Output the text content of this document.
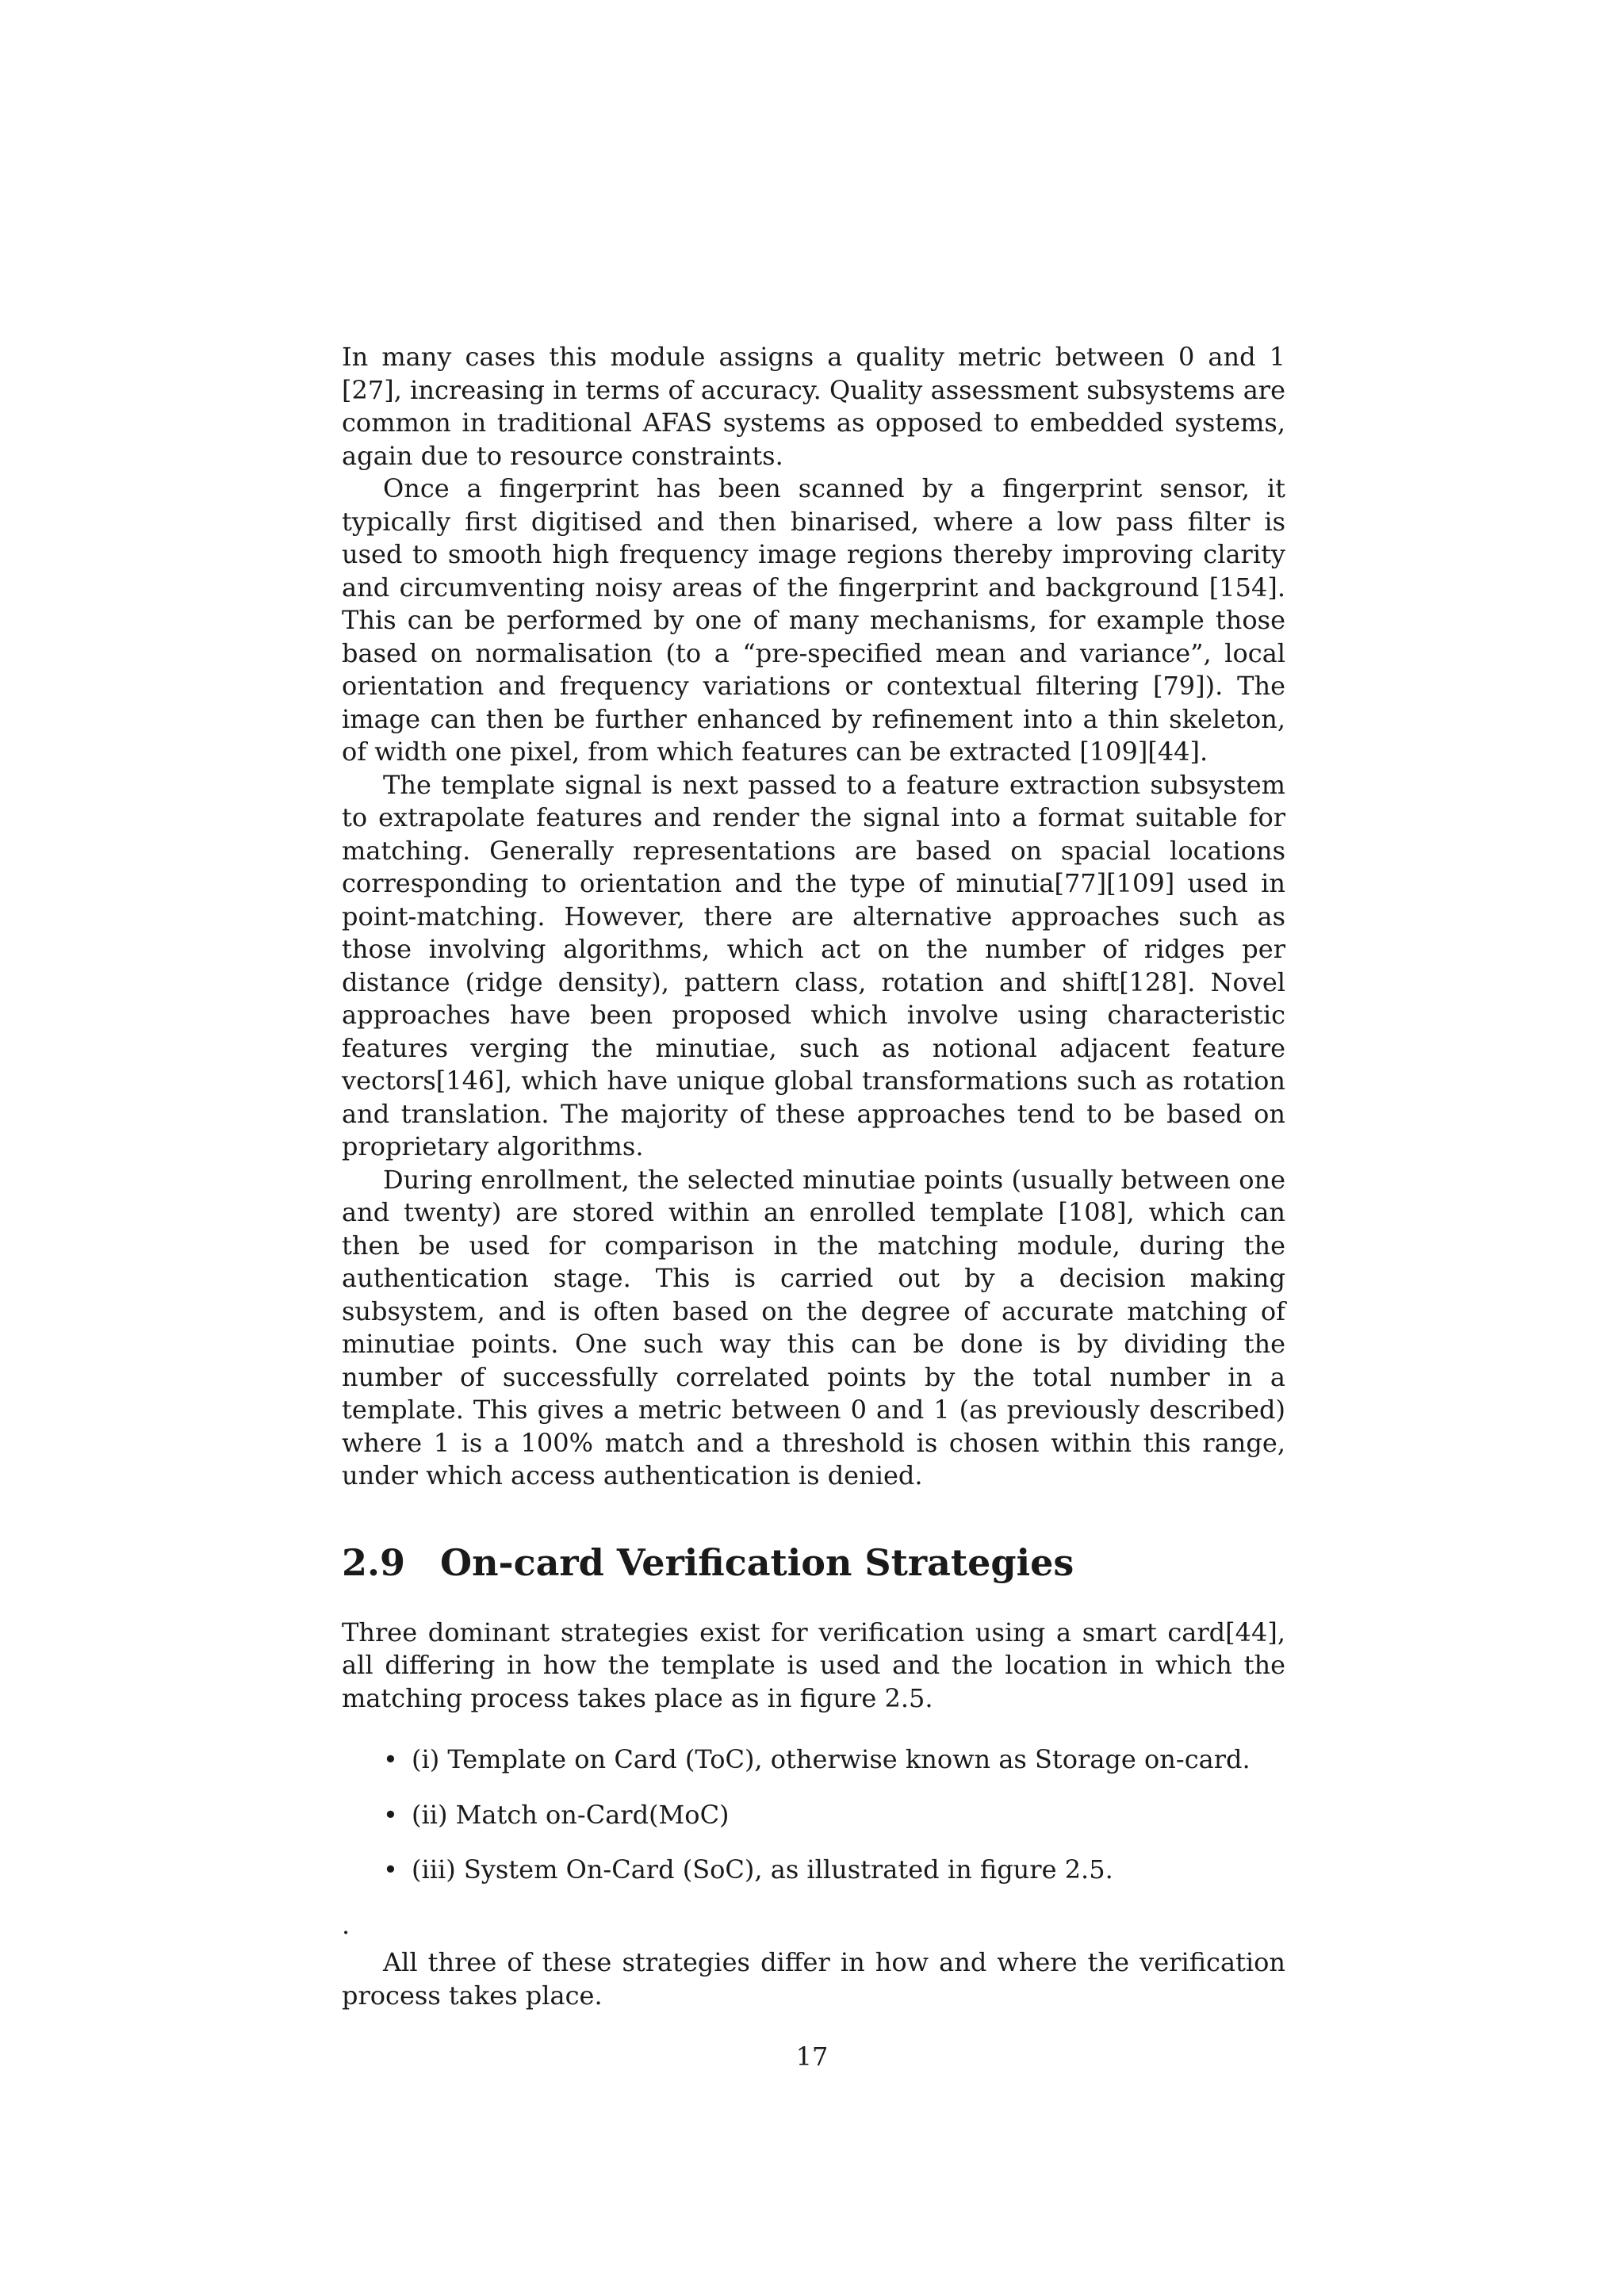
In many cases this module assigns a quality metric between 0 and 1 [27], increasing in terms of accuracy. Quality assessment subsystems are common in traditional AFAS systems as opposed to embedded systems, again due to resource constraints.

Once a fingerprint has been scanned by a fingerprint sensor, it typically first digitised and then binarised, where a low pass filter is used to smooth high frequency image regions thereby improving clarity and circumventing noisy areas of the fingerprint and background [154]. This can be performed by one of many mechanisms, for example those based on normalisation (to a “pre-specified mean and variance”, local orientation and frequency variations or contextual filtering [79]). The image can then be further enhanced by refinement into a thin skeleton, of width one pixel, from which features can be extracted [109][44].

The template signal is next passed to a feature extraction subsystem to extrapolate features and render the signal into a format suitable for matching. Generally representations are based on spacial locations corresponding to orientation and the type of minutia[77][109] used in point-matching. However, there are alternative approaches such as those involving algorithms, which act on the number of ridges per distance (ridge density), pattern class, rotation and shift[128]. Novel approaches have been proposed which involve using characteristic features verging the minutiae, such as notional adjacent feature vectors[146], which have unique global transformations such as rotation and translation. The majority of these approaches tend to be based on proprietary algorithms.

During enrollment, the selected minutiae points (usually between one and twenty) are stored within an enrolled template [108], which can then be used for comparison in the matching module, during the authentication stage. This is carried out by a decision making subsystem, and is often based on the degree of accurate matching of minutiae points. One such way this can be done is by dividing the number of successfully correlated points by the total number in a template. This gives a metric between 0 and 1 (as previously described) where 1 is a 100% match and a threshold is chosen within this range, under which access authentication is denied.

2.9 On-card Verification Strategies

Three dominant strategies exist for verification using a smart card[44], all differing in how the template is used and the location in which the matching process takes place as in figure 2.5.

• (i) Template on Card (ToC), otherwise known as Storage on-card.
• (ii) Match on-Card(MoC)
• (iii) System On-Card (SoC), as illustrated in figure 2.5.

.

All three of these strategies differ in how and where the verification process takes place.

17
